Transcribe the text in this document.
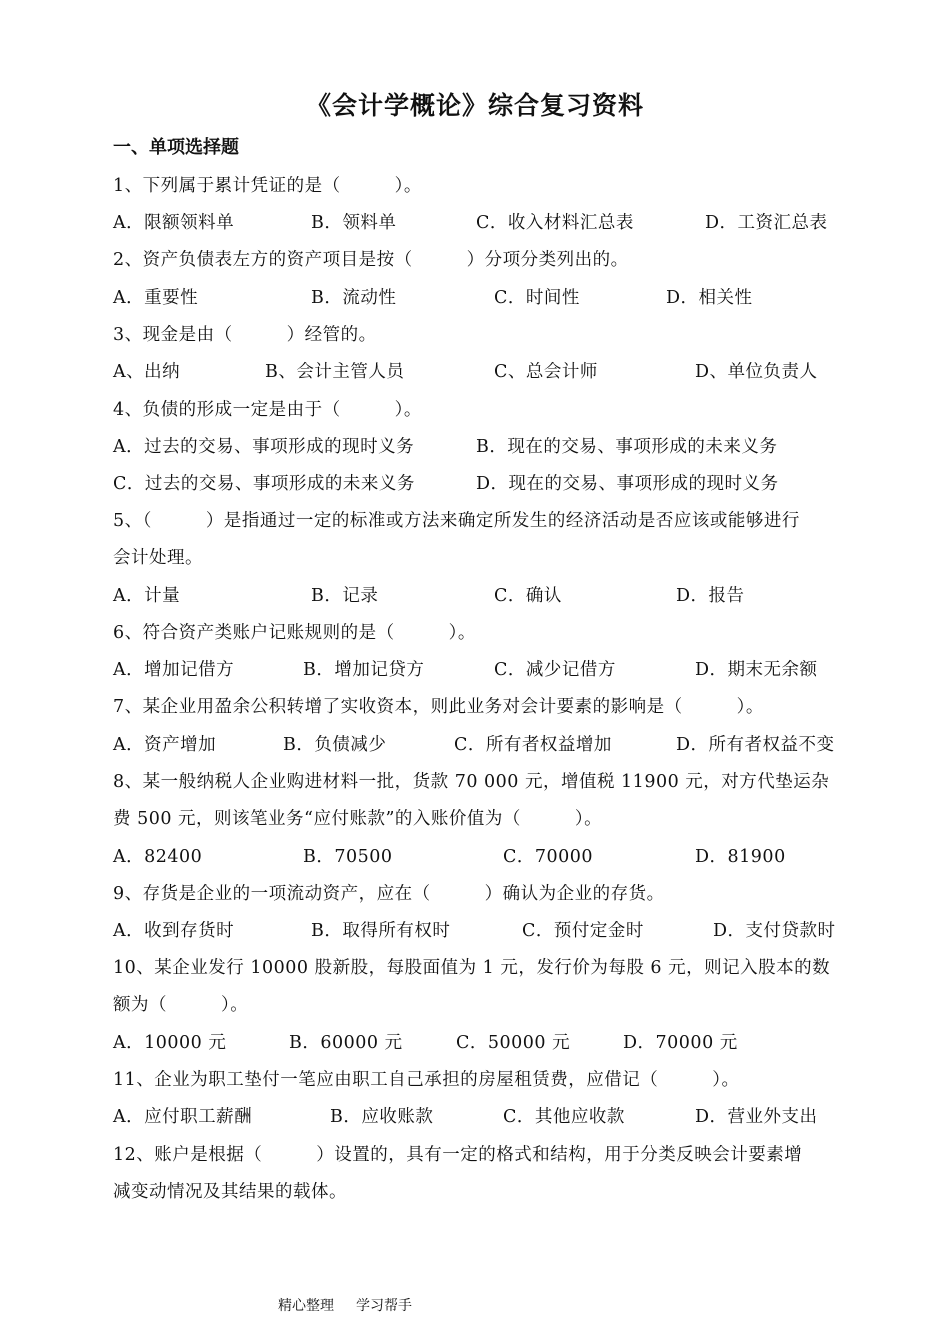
《会计学概论》综合复习资料
一、单项选择题
1、下列属于累计凭证的是（　　　）。
A．限额领料单	B．领料单	C．收入材料汇总表	D．工资汇总表
2、资产负债表左方的资产项目是按（　　　）分项分类列出的。
A．重要性	B．流动性	C．时间性	D．相关性
3、现金是由（　　　）经管的。
A、出纳	B、会计主管人员	C、总会计师	D、单位负责人
4、负债的形成一定是由于（　　　）。
A．过去的交易、事项形成的现时义务	B．现在的交易、事项形成的未来义务
C．过去的交易、事项形成的未来义务	D．现在的交易、事项形成的现时义务
5、（　　　）是指通过一定的标准或方法来确定所发生的经济活动是否应该或能够进行
会计处理。
A．计量	B．记录	C．确认	D．报告
6、符合资产类账户记账规则的是（　　　）。
A．增加记借方	B．增加记贷方	C．减少记借方	D．期末无余额
7、某企业用盈余公积转增了实收资本，则此业务对会计要素的影响是（　　　）。
A．资产增加	B．负债减少	C．所有者权益增加	D．所有者权益不变
8、某一般纳税人企业购进材料一批，货款 70 000 元，增值税 11900 元，对方代垫运杂
费 500 元，则该笔业务“应付账款”的入账价值为（　　　）。
A．82400	B．70500	C．70000	D．81900
9、存货是企业的一项流动资产，应在（　　　）确认为企业的存货。
A．收到存货时	B．取得所有权时	C．预付定金时	D．支付贷款时
10、某企业发行 10000 股新股，每股面值为 1 元，发行价为每股 6 元，则记入股本的数
额为（　　　）。
A．10000 元	B．60000 元	C．50000 元	D．70000 元
11、企业为职工垫付一笔应由职工自己承担的房屋租赁费，应借记（　　　）。
A．应付职工薪酬	B．应收账款	C．其他应收款	D．营业外支出
12、账户是根据（　　　）设置的，具有一定的格式和结构，用于分类反映会计要素增
减变动情况及其结果的载体。
精心整理 学习帮手
